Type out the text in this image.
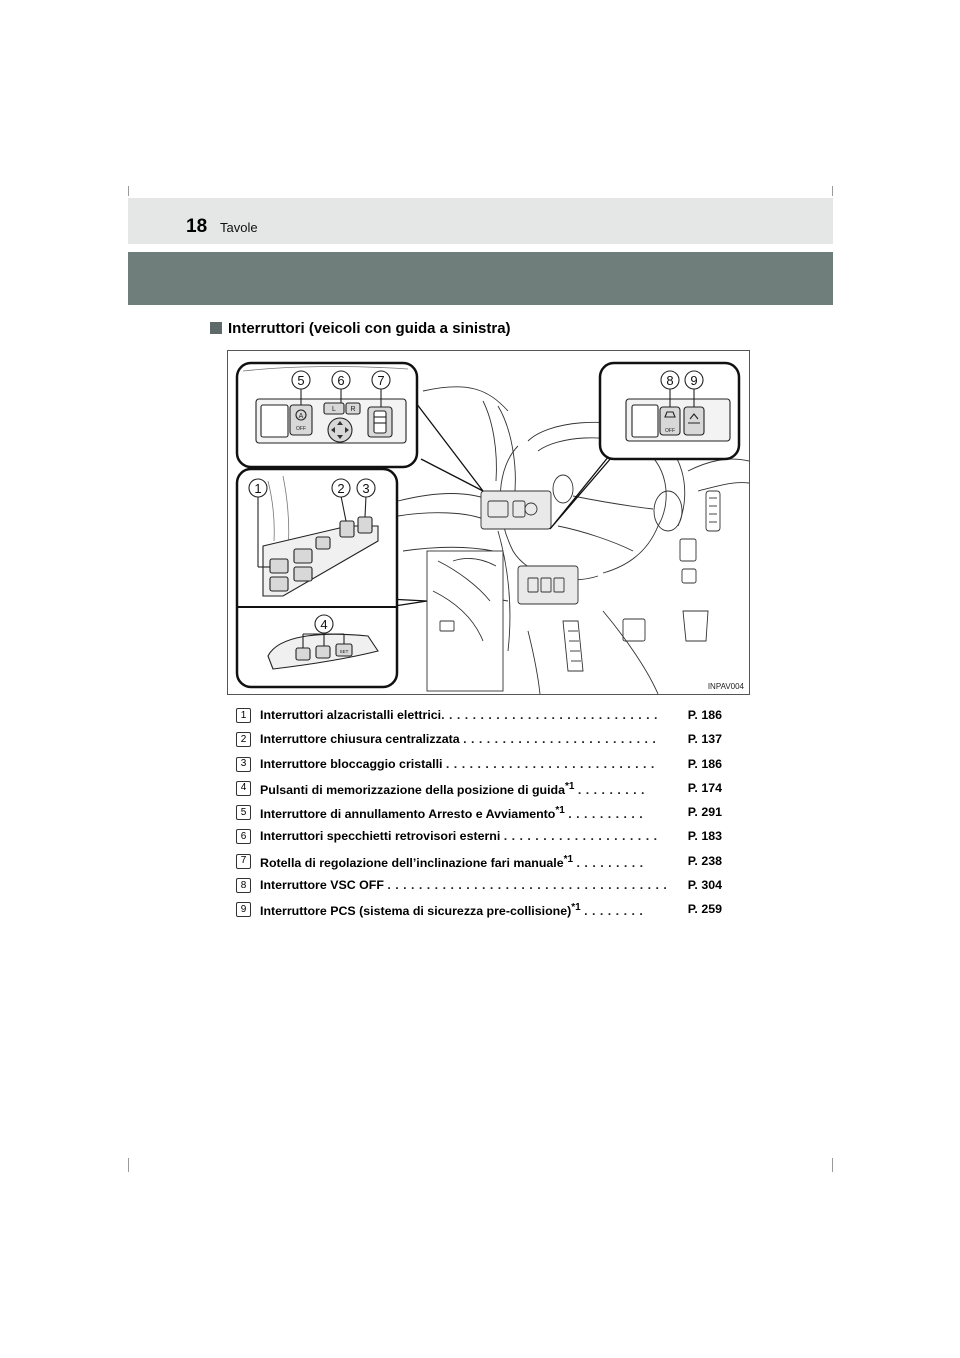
18 Tavole
Interruttori (veicoli con guida a sinistra)
A
OFF
L R
5	6	7
OFF
8 9
SET
1	2 3
4
INPAV004
1	Interruttori alzacristalli elettrici. . . . . . . . . . . . . . . . . . . . . . . . . . . . P. 186
2	Interruttore chiusura centralizzata . . . . . . . . . . . . . . . . . . . . . . . . .	P. 137
3	Interruttore bloccaggio cristalli . . . . . . . . . . . . . . . . . . . . . . . . . . .	P. 186
4	Pulsanti di memorizzazione della posizione di guida$^{*1}$ . . . . . . . . .	P. 174
5	Interruttore di annullamento Arresto e Avviamento$^{*1}$ . . . . . . . . . .	P. 291
6	Interruttori specchietti retrovisori esterni . . . . . . . . . . . . . . . . . . . . P. 183
7	Rotella di regolazione dell’inclinazione fari manuale$^{*1}$ . . . . . . . . .	P. 238
8	Interruttore VSC OFF . . . . . . . . . . . . . . . . . . . . . . . . . . . . . . . . . . . . P. 304
9	Interruttore PCS (sistema di sicurezza pre-collisione)$^{*1}$ . . . . . . . .	P. 259
